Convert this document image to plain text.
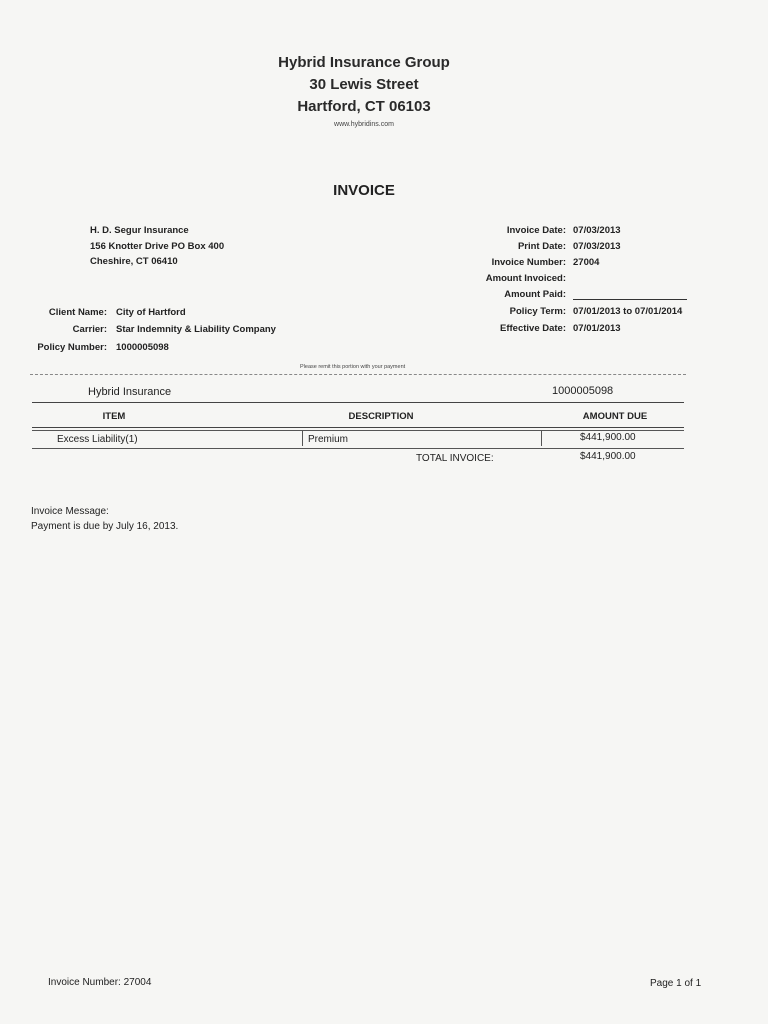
Hybrid Insurance Group
30 Lewis Street
Hartford, CT 06103
www.hybridins.com
INVOICE
H. D. Segur Insurance
156 Knotter Drive PO Box 400
Cheshire, CT 06410
Client Name: City of Hartford
Carrier: Star Indemnity & Liability Company
Policy Number: 1000005098
Invoice Date: 07/03/2013
Print Date: 07/03/2013
Invoice Number: 27004
Amount Invoiced:
Amount Paid:
Policy Term: 07/01/2013 to 07/01/2014
Effective Date: 07/01/2013
Please remit this portion with your payment
Hybrid Insurance	1000005098
ITEM	DESCRIPTION	AMOUNT DUE
Excess Liability(1)	Premium	$441,900.00
TOTAL INVOICE:	$441,900.00
Invoice Message:
Payment is due by July 16, 2013.
Invoice Number: 27004	Page 1 of 1
